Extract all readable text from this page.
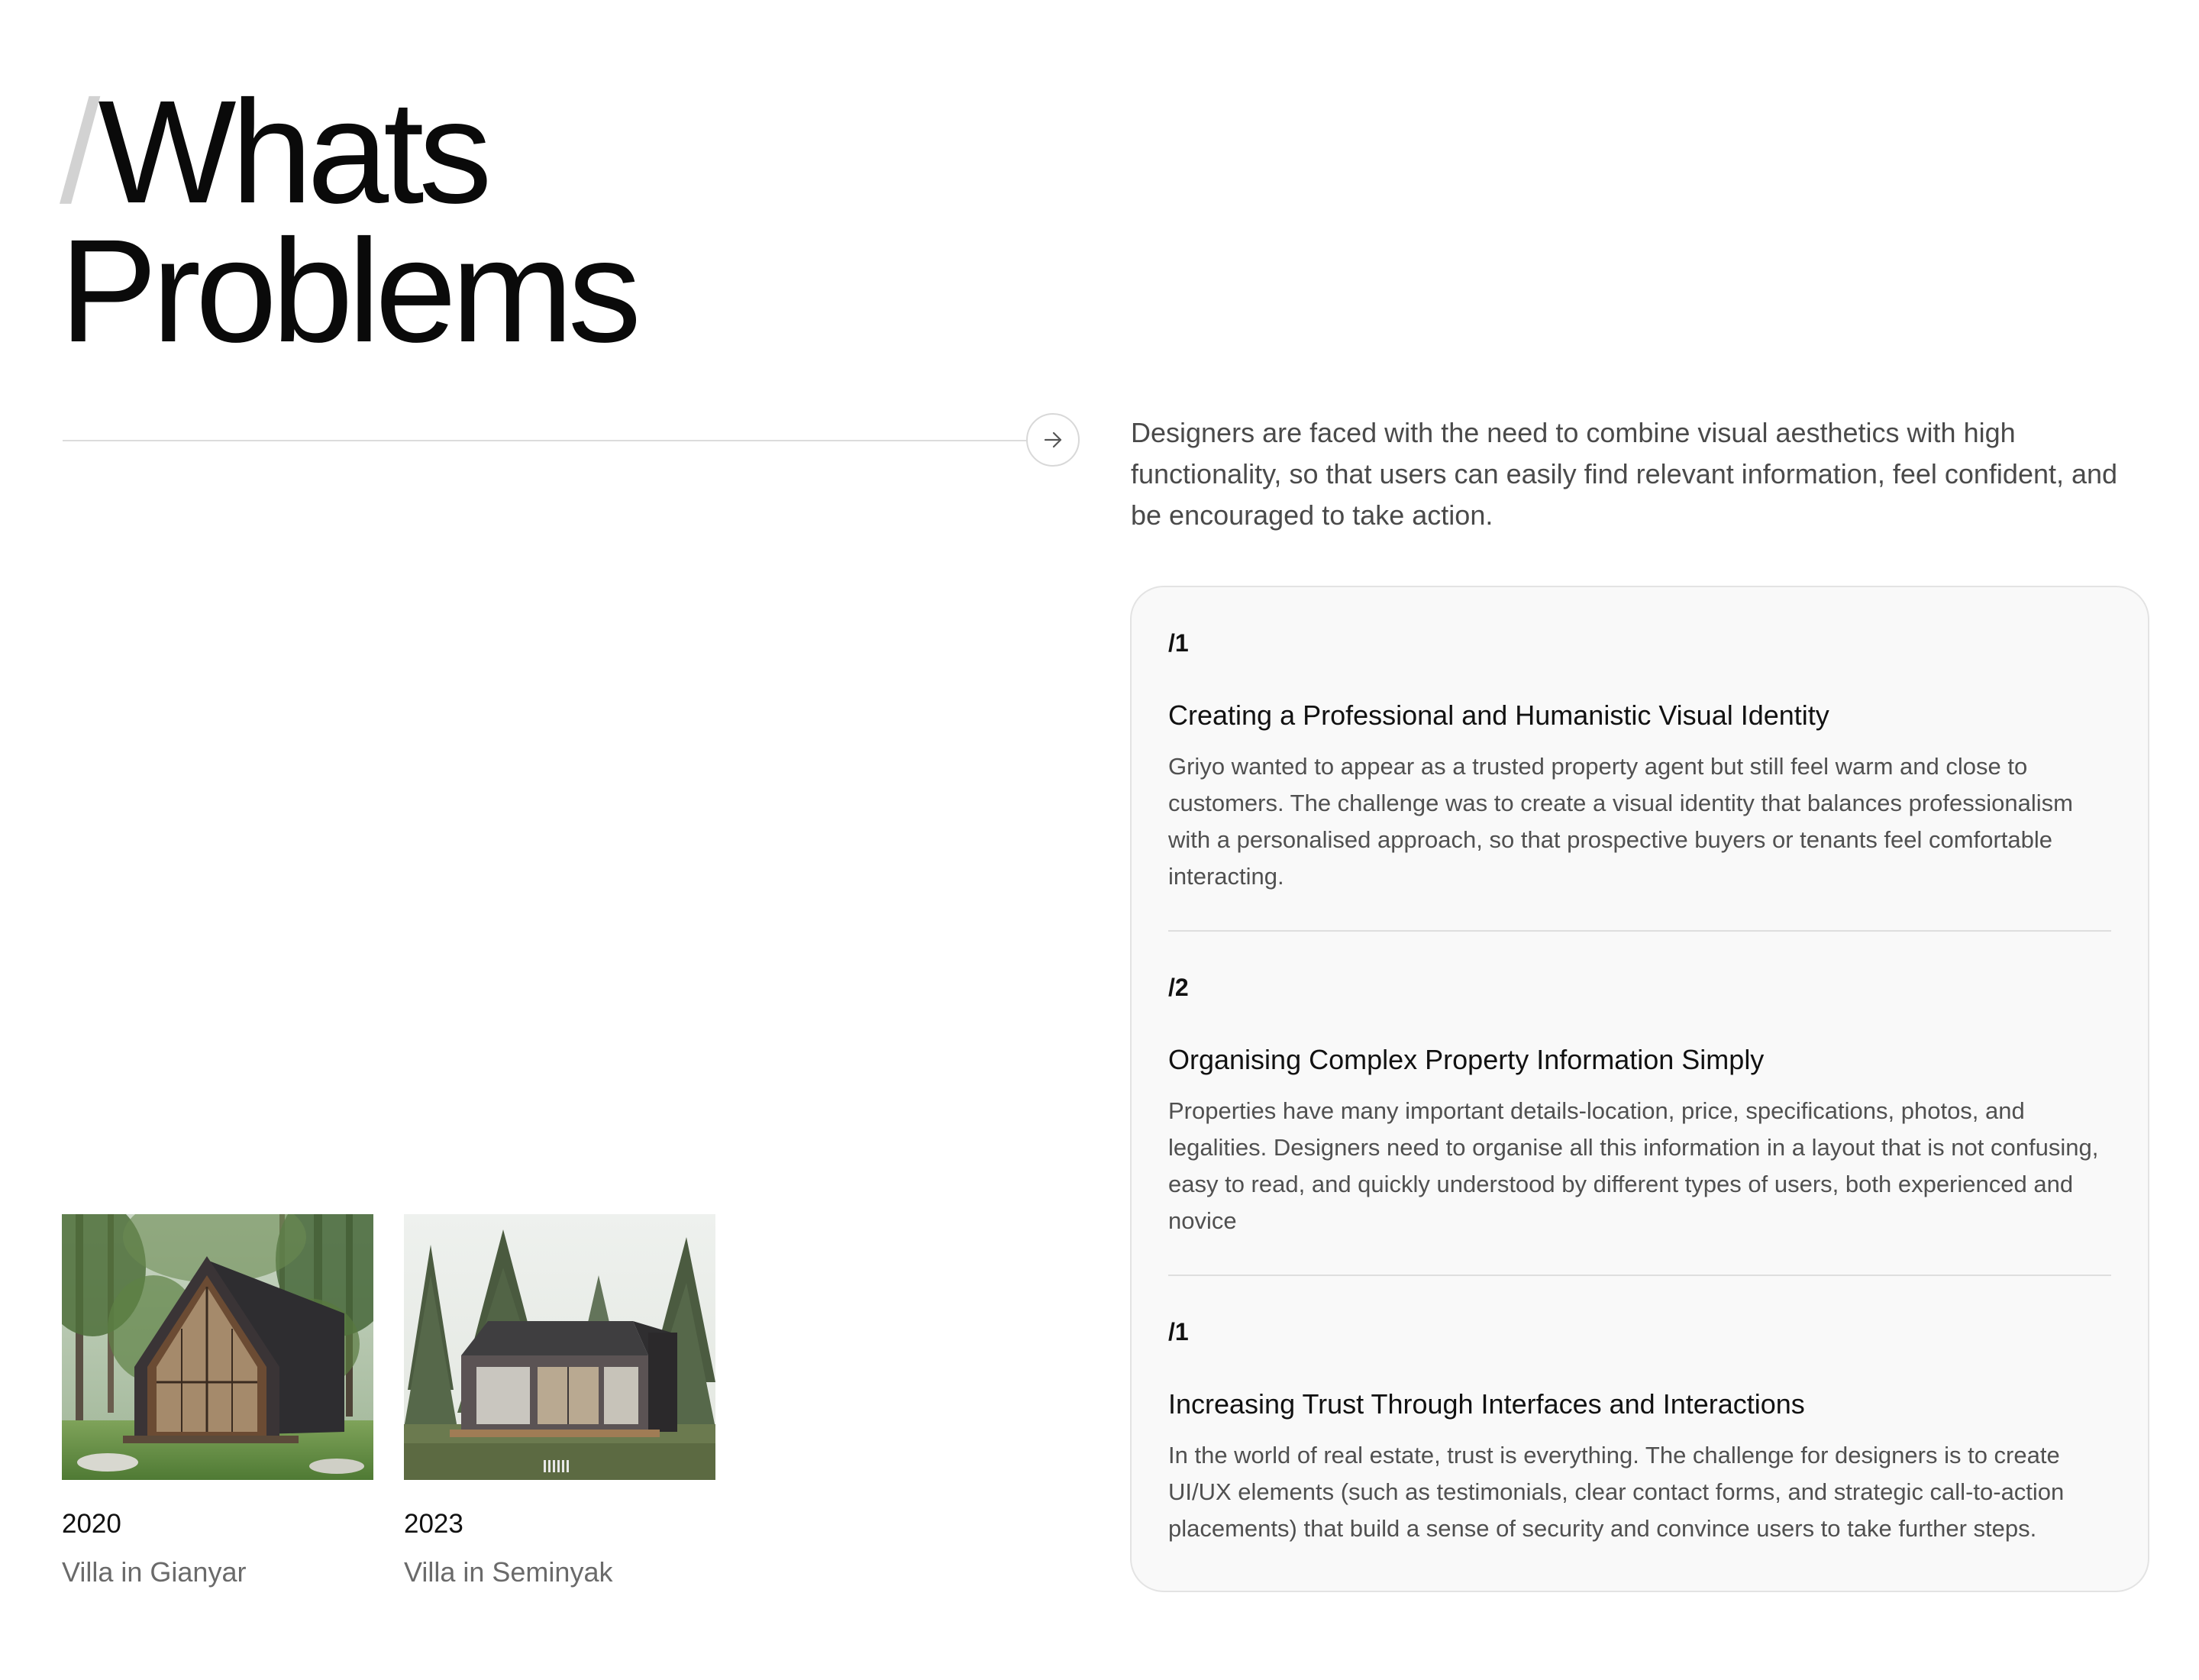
/Whats
Problems

Designers are faced with the need to combine visual aesthetics with high functionality, so that users can easily find relevant information, feel confident, and be encouraged to take action.

2020

Villa in Gianyar

2023

Villa in Seminyak

/1

Creating a Professional and Humanistic Visual Identity

Griyo wanted to appear as a trusted property agent but still feel warm and close to customers. The challenge was to create a visual identity that balances professionalism with a personalised approach, so that prospective buyers or tenants feel comfortable interacting.

/2

Organising Complex Property Information Simply

Properties have many important details-location, price, specifications, photos, and legalities. Designers need to organise all this information in a layout that is not confusing, easy to read, and quickly understood by different types of users, both experienced and novice

/1

Increasing Trust Through Interfaces and Interactions

In the world of real estate, trust is everything. The challenge for designers is to create UI/UX elements (such as testimonials, clear contact forms, and strategic call-to-action placements) that build a sense of security and convince users to take further steps.
